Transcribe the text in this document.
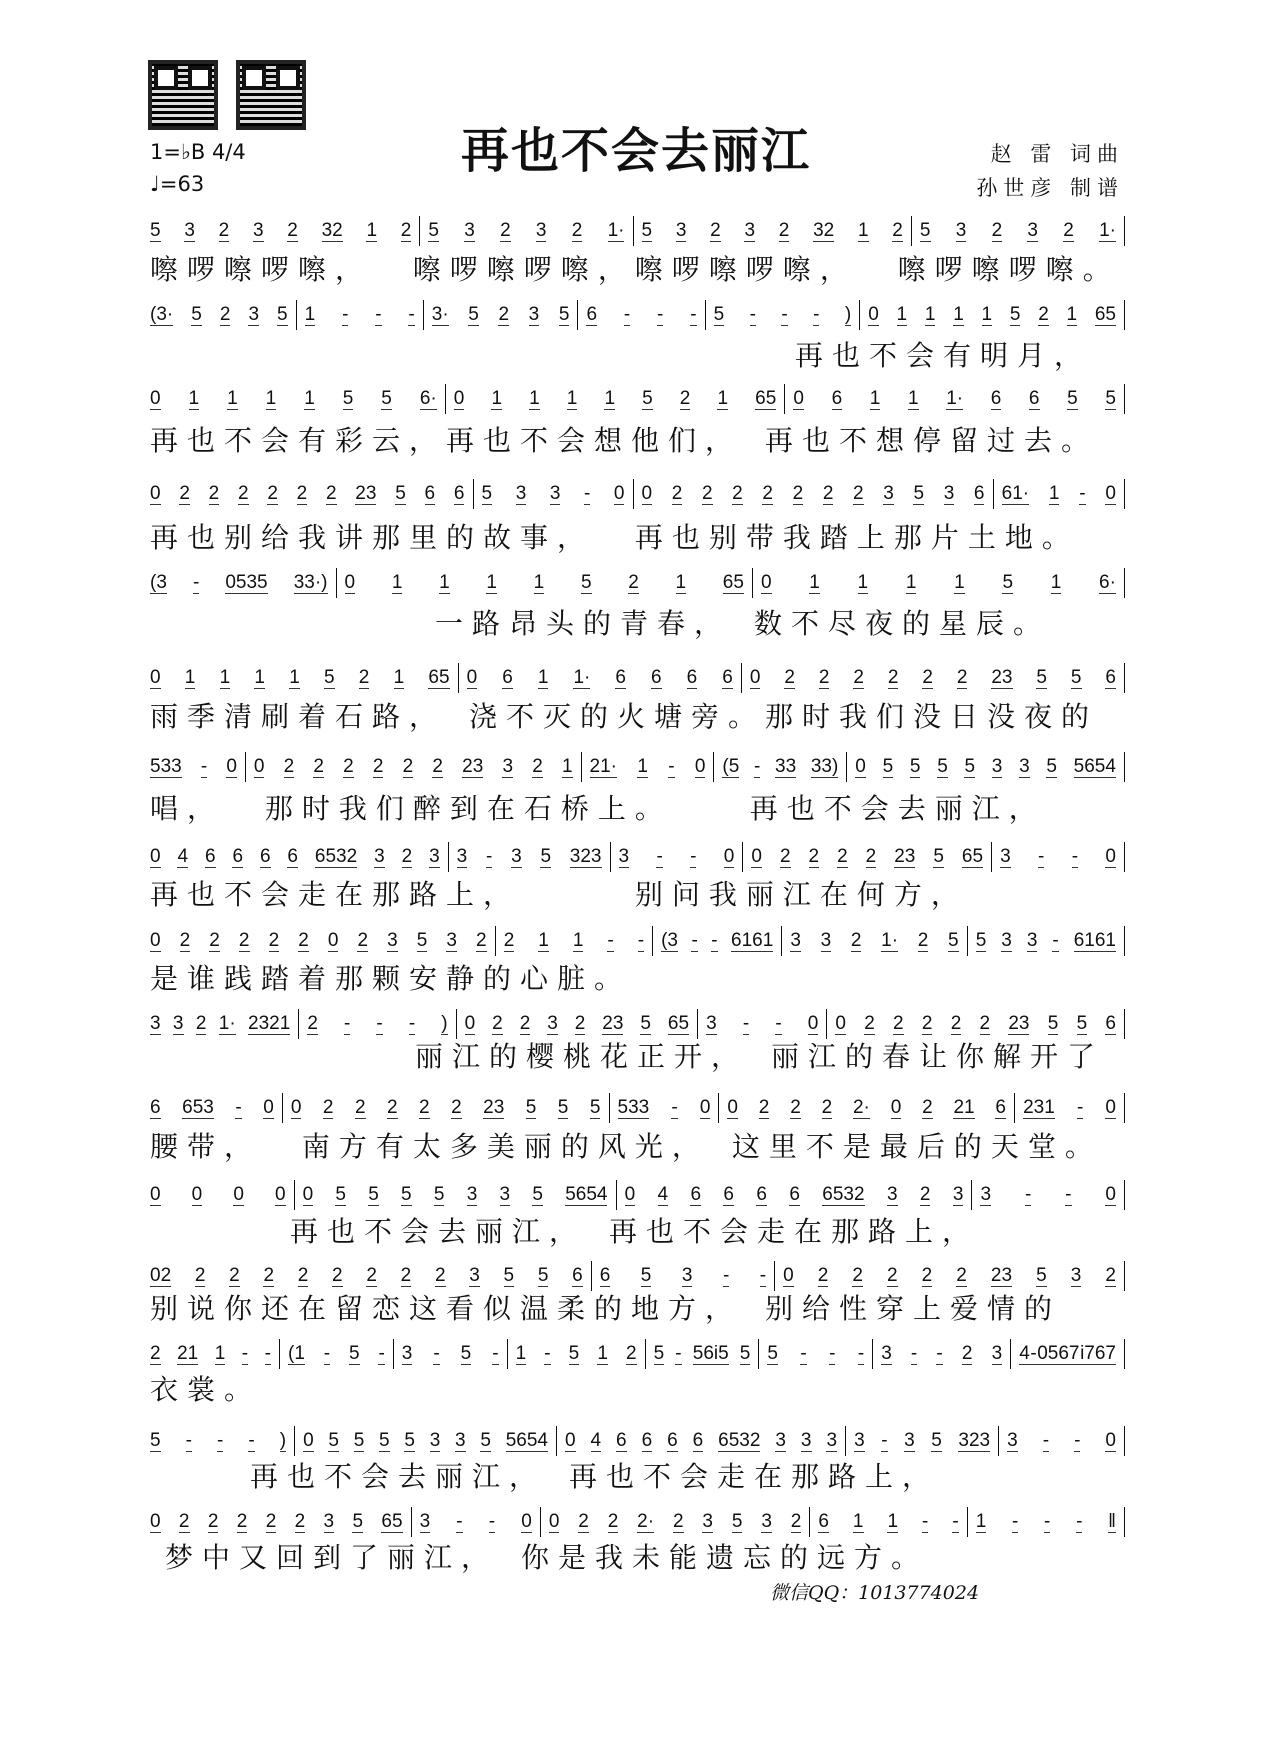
再也不会去丽江
1=♭B 4/4
♩=63
赵 雷 词曲
孙世彦 制谱
5 3 2 3 2 32 1 2 5 3 2 3 2 1· 5 3 2 3 2 32 1 2 5 3 2 3 2 1·
嚓啰嚓啰嚓，　 嚓啰嚓啰嚓，嚓啰嚓啰嚓，　 嚓啰嚓啰嚓。
(3· 5 2 3 5 1 - - - 3· 5 2 3 5 6 - - - 5 - - - ) 0 1 1 1 1 5 2 1 65
再也不会有明月，
0 1 1 1 1 5 5 6· 0 1 1 1 1 5 2 1 65 0 6 1 1 1· 6 6 5 5
再也不会有彩云，再也不会想他们，　再也不想停留过去。
0 2 2 2 2 2 2 23 5 6 6 5 3 3 - 0 0 2 2 2 2 2 2 2 3 5 3 6 61· 1 - 0
再也别给我讲那里的故事，　 再也别带我踏上那片土地。
(3 - 0535 33·) 0 1 1 1 1 5 2 1 65 0 1 1 1 1 5 1 6·
一路昂头的青春，　数不尽夜的星辰。
0 1 1 1 1 5 2 1 65 0 6 1 1· 6 6 6 6 0 2 2 2 2 2 2 23 5 5 6
雨季清刷着石路，　浇不灭的火塘旁。那时我们没日没夜的
533 - 0 0 2 2 2 2 2 2 23 3 2 1 21· 1 - 0 (5 - 33 33) 0 5 5 5 5 3 3 5 5654
唱，　 那时我们醉到在石桥上。　　 再也不会去丽江，
0 4 6 6 6 6 6532 3 2 3 3 - 3 5 323 3 - - 0 0 2 2 2 2 23 5 65 3 - - 0
再也不会走在那路上，　　　 别问我丽江在何方，
0 2 2 2 2 2 0 2 3 5 3 2 2 1 1 - - (3 - - 6161 3 3 2 1· 2 5 5 3 3 - 6161
是谁践踏着那颗安静的心脏。
3 3 2 1· 2321 2 - - - ) 0 2 2 3 2 23 5 65 3 - - 0 0 2 2 2 2 2 23 5 5 6
丽江的樱桃花正开，　丽江的春让你解开了
6 653 - 0 0 2 2 2 2 2 23 5 5 5 533 - 0 0 2 2 2 2· 0 2 21 6 231 - 0
腰带，　 南方有太多美丽的风光，　这里不是最后的天堂。
0 0 0 0 0 5 5 5 5 3 3 5 5654 0 4 6 6 6 6 6532 3 2 3 3 - - 0
再也不会去丽江，　再也不会走在那路上，
02 2 2 2 2 2 2 2 2 3 5 5 6 6 5 3 - - 0 2 2 2 2 2 23 5 3 2
别说你还在留恋这看似温柔的地方，　别给性穿上爱情的
2 21 1 - - (1 - 5 - 3 - 5 - 1 - 5 1 2 5 - 56i5 5 5 - - - 3 - - 2 3 4 - 0567 i767
衣裳。
5 - - - ) 0 5 5 5 5 3 3 5 5654 0 4 6 6 6 6 6532 3 3 3 3 - 3 5 323 3 - - 0
再也不会去丽江，　再也不会走在那路上，
0 2 2 2 2 2 3 5 65 3 - - 0 0 2 2 2· 2 3 5 3 2 6 1 1 - - 1 - - - ‖
梦中又回到了丽江，　你是我未能遗忘的远方。
微信QQ：1013774024
